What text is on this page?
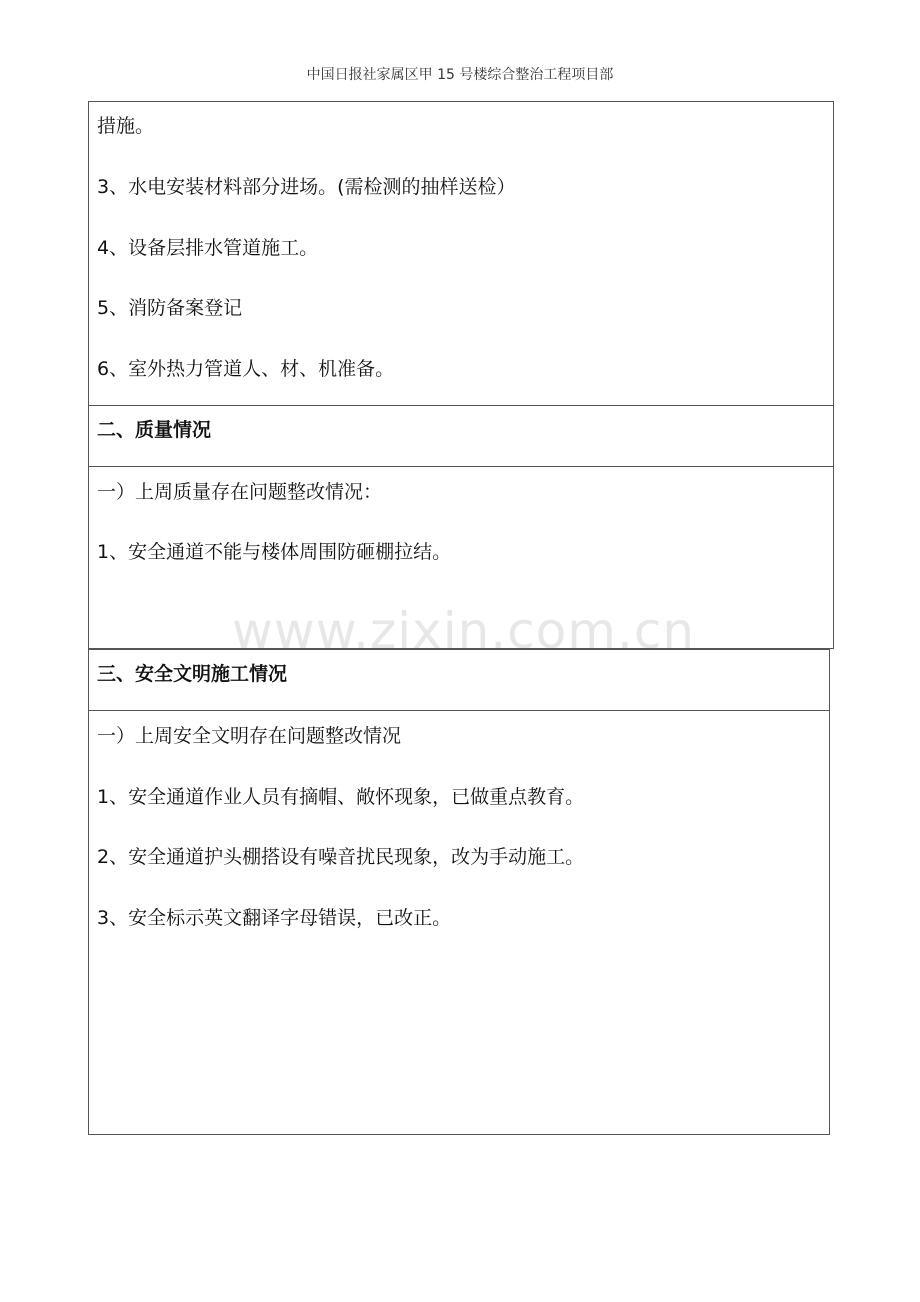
中国日报社家属区甲 15 号楼综合整治工程项目部
措施。
3、水电安装材料部分进场。(需检测的抽样送检）
4、设备层排水管道施工。
5、消防备案登记
6、室外热力管道人、材、机准备。
二、质量情况
一）上周质量存在问题整改情况：
1、安全通道不能与楼体周围防砸棚拉结。
三、安全文明施工情况
一）上周安全文明存在问题整改情况
1、安全通道作业人员有摘帽、敞怀现象，已做重点教育。
2、安全通道护头棚搭设有噪音扰民现象，改为手动施工。
3、安全标示英文翻译字母错误，已改正。
www.zixin.com.cn
